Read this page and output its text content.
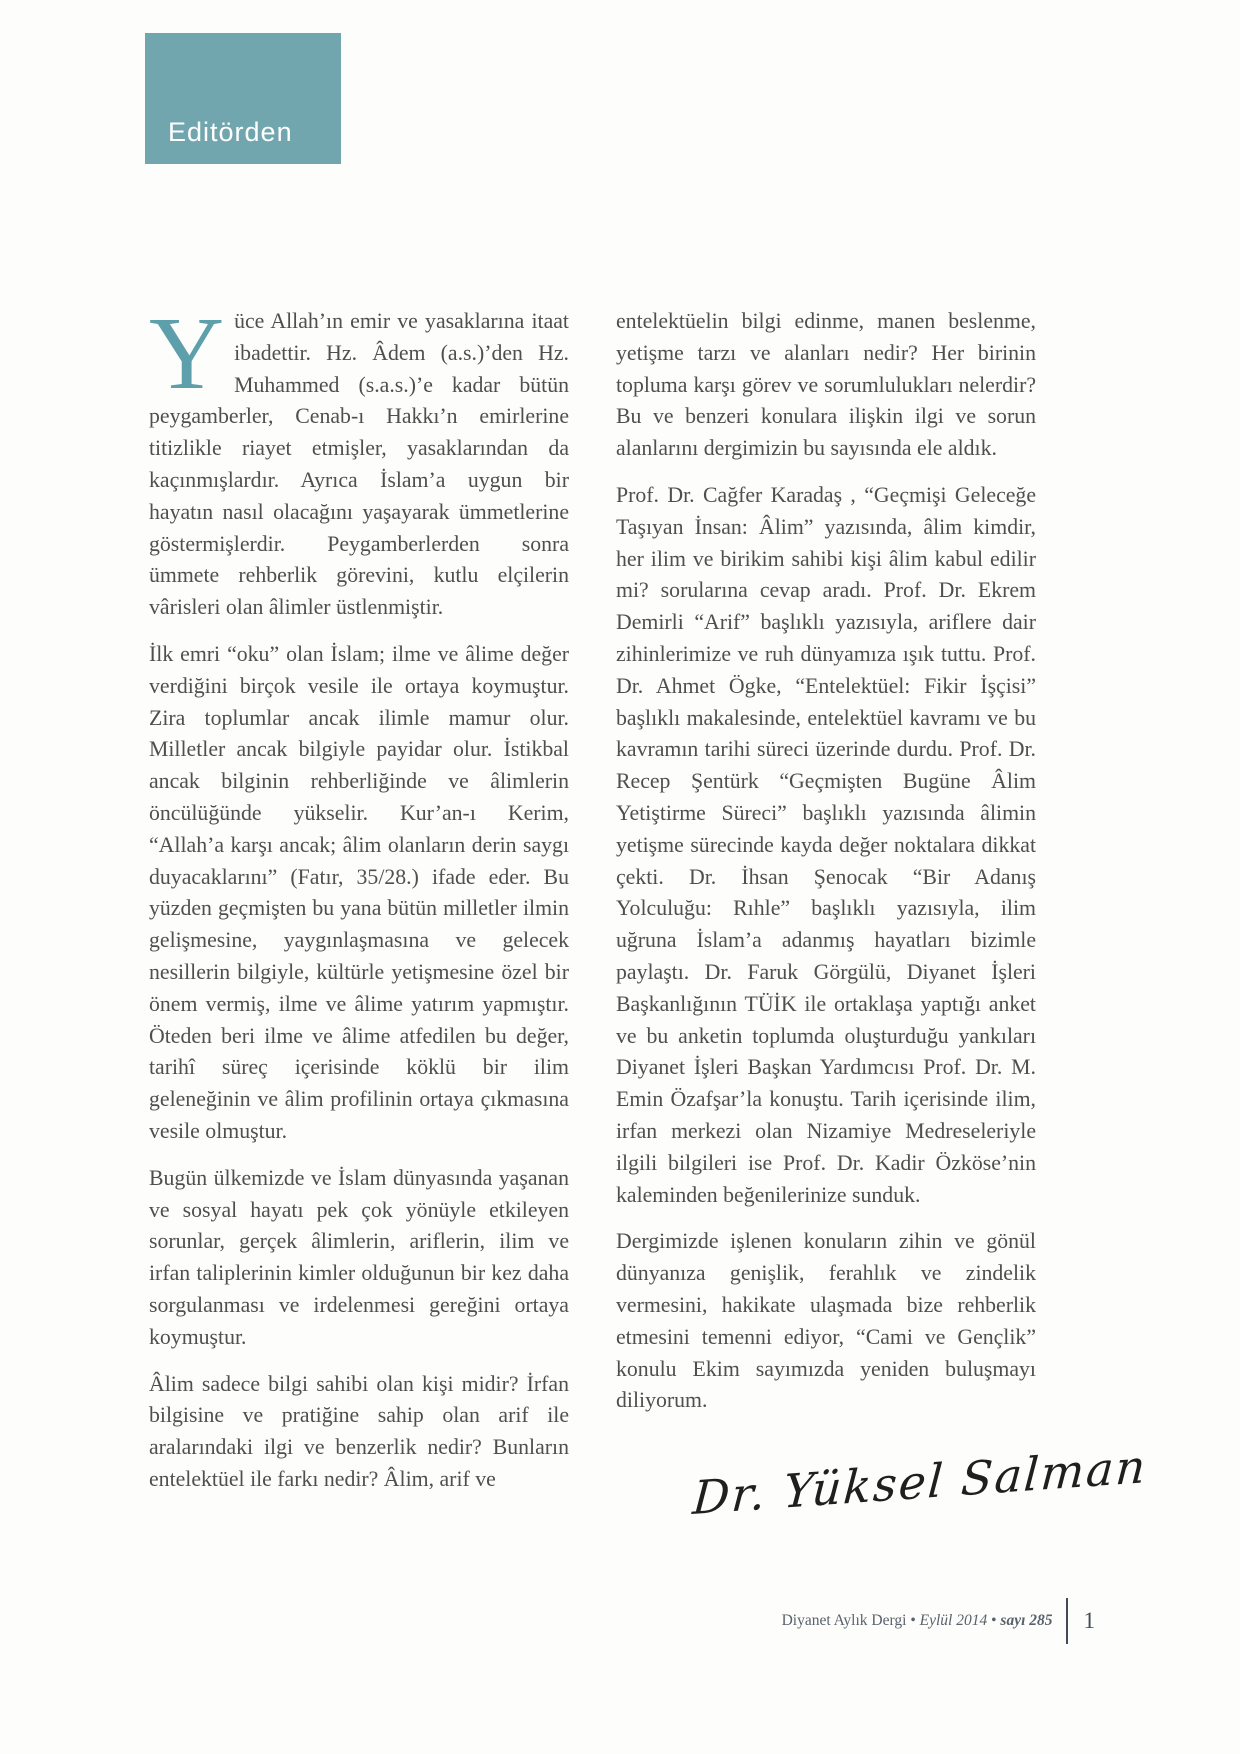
Editörden

Yüce Allah’ın emir ve yasaklarına itaat ibadettir. Hz. Âdem (a.s.)’den Hz. Muhammed (s.a.s.)’e kadar bütün peygamberler, Cenab-ı Hakkı’n emirlerine titizlikle riayet etmişler, yasaklarından da kaçınmışlardır. Ayrıca İslam’a uygun bir hayatın nasıl olacağını yaşayarak ümmetlerine göstermişlerdir. Peygamberlerden sonra ümmete rehberlik görevini, kutlu elçilerin vârisleri olan âlimler üstlenmiştir.

İlk emri “oku” olan İslam; ilme ve âlime değer verdiğini birçok vesile ile ortaya koymuştur. Zira toplumlar ancak ilimle mamur olur. Milletler ancak bilgiyle payidar olur. İstikbal ancak bilginin rehberliğinde ve âlimlerin öncülüğünde yükselir. Kur’an-ı Kerim, “Allah’a karşı ancak; âlim olanların derin saygı duyacaklarını” (Fatır, 35/28.) ifade eder. Bu yüzden geçmişten bu yana bütün milletler ilmin gelişmesine, yaygınlaşmasına ve gelecek nesillerin bilgiyle, kültürle yetişmesine özel bir önem vermiş, ilme ve âlime yatırım yapmıştır. Öteden beri ilme ve âlime atfedilen bu değer, tarihî süreç içerisinde köklü bir ilim geleneğinin ve âlim profilinin ortaya çıkmasına vesile olmuştur.

Bugün ülkemizde ve İslam dünyasında yaşanan ve sosyal hayatı pek çok yönüyle etkileyen sorunlar, gerçek âlimlerin, ariflerin, ilim ve irfan taliplerinin kimler olduğunun bir kez daha sorgulanması ve irdelenmesi gereğini ortaya koymuştur.

Âlim sadece bilgi sahibi olan kişi midir? İrfan bilgisine ve pratiğine sahip olan arif ile aralarındaki ilgi ve benzerlik nedir? Bunların entelektüel ile farkı nedir? Âlim, arif ve

entelektüelin bilgi edinme, manen beslenme, yetişme tarzı ve alanları nedir? Her birinin topluma karşı görev ve sorumlulukları nelerdir? Bu ve benzeri konulara ilişkin ilgi ve sorun alanlarını dergimizin bu sayısında ele aldık.

Prof. Dr. Cağfer Karadaş , “Geçmişi Geleceğe Taşıyan İnsan: Âlim” yazısında, âlim kimdir, her ilim ve birikim sahibi kişi âlim kabul edilir mi? sorularına cevap aradı. Prof. Dr. Ekrem Demirli “Arif” başlıklı yazısıyla, ariflere dair zihinlerimize ve ruh dünyamıza ışık tuttu. Prof. Dr. Ahmet Ögke, “Entelektüel: Fikir İşçisi” başlıklı makalesinde, entelektüel kavramı ve bu kavramın tarihi süreci üzerinde durdu. Prof. Dr. Recep Şentürk “Geçmişten Bugüne Âlim Yetiştirme Süreci” başlıklı yazısında âlimin yetişme sürecinde kayda değer noktalara dikkat çekti. Dr. İhsan Şenocak “Bir Adanış Yolculuğu: Rıhle” başlıklı yazısıyla, ilim uğruna İslam’a adanmış hayatları bizimle paylaştı. Dr. Faruk Görgülü, Diyanet İşleri Başkanlığının TÜİK ile ortaklaşa yaptığı anket ve bu anketin toplumda oluşturduğu yankıları Diyanet İşleri Başkan Yardımcısı Prof. Dr. M. Emin Özafşar’la konuştu. Tarih içerisinde ilim, irfan merkezi olan Nizamiye Medreseleriyle ilgili bilgileri ise Prof. Dr. Kadir Özköse’nin kaleminden beğenilerinize sunduk.

Dergimizde işlenen konuların zihin ve gönül dünyanıza genişlik, ferahlık ve zindelik vermesini, hakikate ulaşmada bize rehberlik etmesini temenni ediyor, “Cami ve Gençlik” konulu Ekim sayımızda yeniden buluşmayı diliyorum.

Dr. Yüksel Salman
Diyanet Aylık Dergi • Eylül 2014 • sayı 285 1
